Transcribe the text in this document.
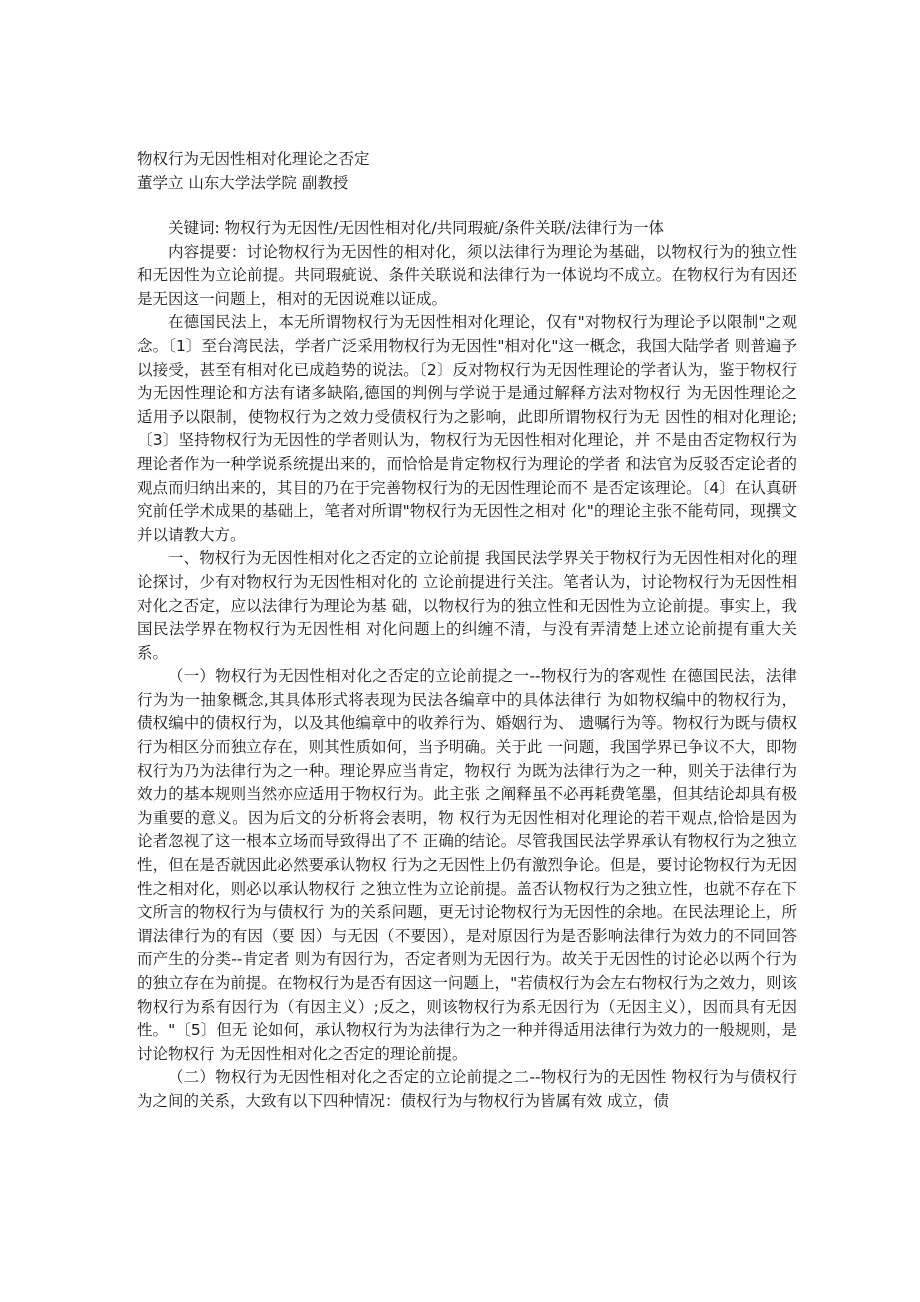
物权行为无因性相对化理论之否定
董学立 山东大学法学院 副教授

关键词: 物权行为无因性/无因性相对化/共同瑕疵/条件关联/法律行为一体

内容提要：讨论物权行为无因性的相对化，须以法律行为理论为基础，以物权行为的独立性和无因性为立论前提。共同瑕疵说、条件关联说和法律行为一体说均不成立。在物权行为有因还是无因这一问题上，相对的无因说难以证成。

在德国民法上，本无所谓物权行为无因性相对化理论，仅有"对物权行为理论予以限制"之观念。〔1〕至台湾民法，学者广泛采用物权行为无因性"相对化"这一概念，我国大陆学者 则普遍予以接受，甚至有相对化已成趋势的说法。〔2〕反对物权行为无因性理论的学者认为，鉴于物权行为无因性理论和方法有诸多缺陷,德国的判例与学说于是通过解释方法对物权行 为无因性理论之适用予以限制，使物权行为之效力受债权行为之影响，此即所谓物权行为无 因性的相对化理论;〔3〕坚持物权行为无因性的学者则认为，物权行为无因性相对化理论，并 不是由否定物权行为理论者作为一种学说系统提出来的，而恰恰是肯定物权行为理论的学者 和法官为反驳否定论者的观点而归纳出来的，其目的乃在于完善物权行为的无因性理论而不 是否定该理论。〔4〕在认真研究前任学术成果的基础上，笔者对所谓"物权行为无因性之相对 化"的理论主张不能苟同，现撰文并以请教大方。

一、物权行为无因性相对化之否定的立论前提 我国民法学界关于物权行为无因性相对化的理论探讨，少有对物权行为无因性相对化的 立论前提进行关注。笔者认为，讨论物权行为无因性相对化之否定，应以法律行为理论为基 础，以物权行为的独立性和无因性为立论前提。事实上，我国民法学界在物权行为无因性相 对化问题上的纠缠不清，与没有弄清楚上述立论前提有重大关系。

（一）物权行为无因性相对化之否定的立论前提之一--物权行为的客观性 在德国民法，法律行为为一抽象概念,其具体形式将表现为民法各编章中的具体法律行 为如物权编中的物权行为，债权编中的债权行为，以及其他编章中的收养行为、婚姻行为、 遗嘱行为等。物权行为既与债权行为相区分而独立存在，则其性质如何，当予明确。关于此 一问题，我国学界已争议不大，即物权行为乃为法律行为之一种。理论界应当肯定，物权行 为既为法律行为之一种，则关于法律行为效力的基本规则当然亦应适用于物权行为。此主张 之阐释虽不必再耗费笔墨，但其结论却具有极为重要的意义。因为后文的分析将会表明，物 权行为无因性相对化理论的若干观点,恰恰是因为论者忽视了这一根本立场而导致得出了不 正确的结论。尽管我国民法学界承认有物权行为之独立性，但在是否就因此必然要承认物权 行为之无因性上仍有激烈争论。但是，要讨论物权行为无因性之相对化，则必以承认物权行 之独立性为立论前提。盖否认物权行为之独立性，也就不存在下文所言的物权行为与债权行 为的关系问题，更无讨论物权行为无因性的余地。在民法理论上，所谓法律行为的有因（要 因）与无因（不要因），是对原因行为是否影响法律行为效力的不同回答而产生的分类--肯定者 则为有因行为，否定者则为无因行为。故关于无因性的讨论必以两个行为的独立存在为前提。在物权行为是否有因这一问题上，"若债权行为会左右物权行为之效力，则该物权行为系有因行为（有因主义）;反之，则该物权行为系无因行为（无因主义），因而具有无因性。"〔5〕但无 论如何，承认物权行为为法律行为之一种并得适用法律行为效力的一般规则，是讨论物权行 为无因性相对化之否定的理论前提。

（二）物权行为无因性相对化之否定的立论前提之二--物权行为的无因性 物权行为与债权行为之间的关系，大致有以下四种情况：债权行为与物权行为皆属有效 成立，债
